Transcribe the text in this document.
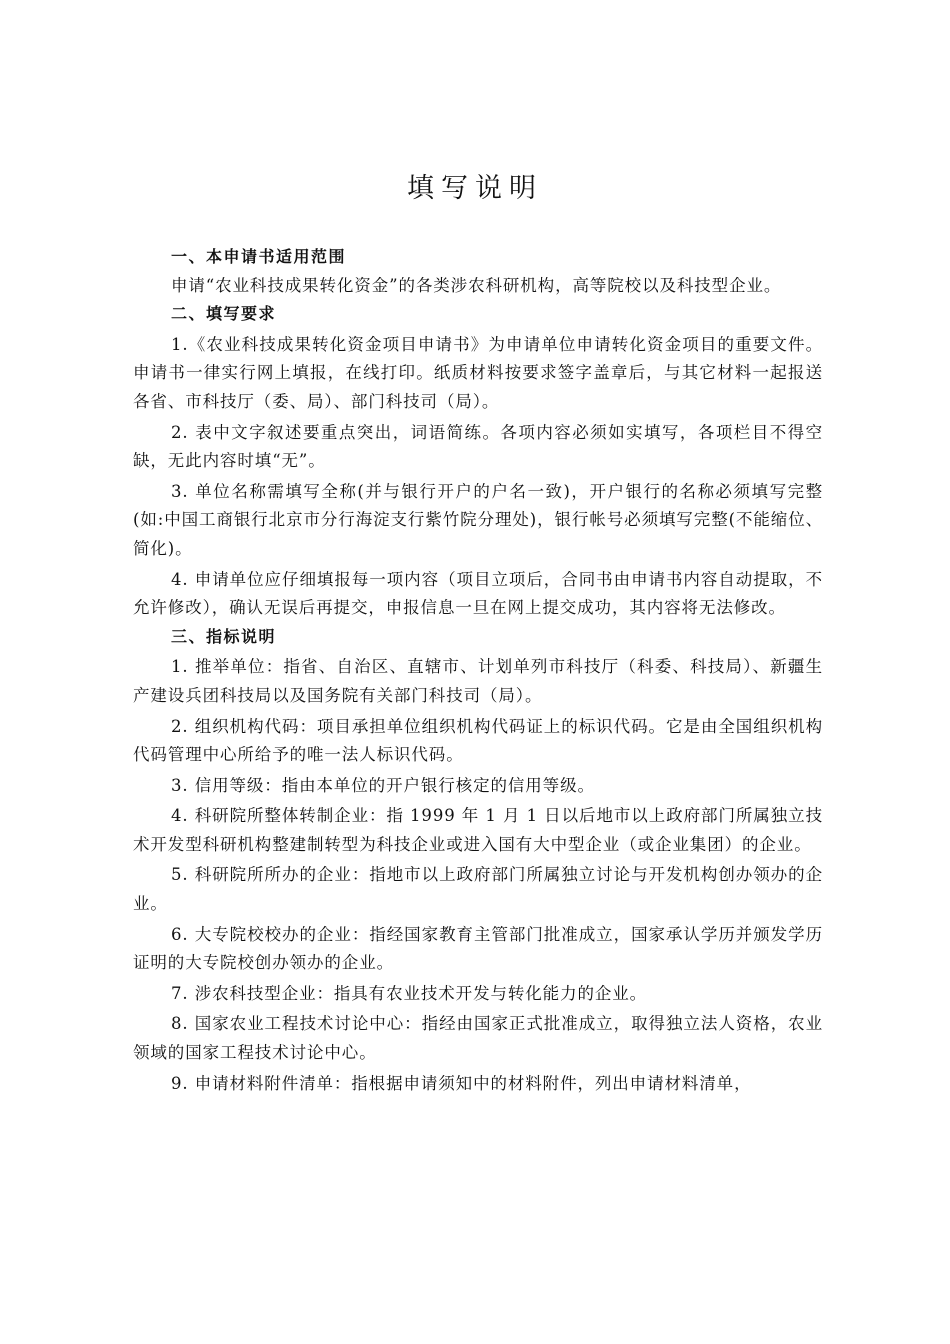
填写说明
一、本申请书适用范围
申请“农业科技成果转化资金”的各类涉农科研机构，高等院校以及科技型企业。
二、填写要求
1.《农业科技成果转化资金项目申请书》为申请单位申请转化资金项目的重要文件。申请书一律实行网上填报，在线打印。纸质材料按要求签字盖章后，与其它材料一起报送各省、市科技厅（委、局）、部门科技司（局）。
2. 表中文字叙述要重点突出，词语简练。各项内容必须如实填写，各项栏目不得空缺，无此内容时填“无”。
3. 单位名称需填写全称(并与银行开户的户名一致)，开户银行的名称必须填写完整(如:中国工商银行北京市分行海淀支行紫竹院分理处)，银行帐号必须填写完整(不能缩位、简化)。
4. 申请单位应仔细填报每一项内容（项目立项后，合同书由申请书内容自动提取，不允许修改），确认无误后再提交，申报信息一旦在网上提交成功，其内容将无法修改。
三、指标说明
1. 推举单位：指省、自治区、直辖市、计划单列市科技厅（科委、科技局）、新疆生产建设兵团科技局以及国务院有关部门科技司（局）。
2. 组织机构代码：项目承担单位组织机构代码证上的标识代码。它是由全国组织机构代码管理中心所给予的唯一法人标识代码。
3. 信用等级：指由本单位的开户银行核定的信用等级。
4. 科研院所整体转制企业：指 1999 年 1 月 1 日以后地市以上政府部门所属独立技术开发型科研机构整建制转型为科技企业或进入国有大中型企业（或企业集团）的企业。
5. 科研院所所办的企业：指地市以上政府部门所属独立讨论与开发机构创办领办的企业。
6. 大专院校校办的企业：指经国家教育主管部门批准成立，国家承认学历并颁发学历证明的大专院校创办领办的企业。
7. 涉农科技型企业：指具有农业技术开发与转化能力的企业。
8. 国家农业工程技术讨论中心：指经由国家正式批准成立，取得独立法人资格，农业领域的国家工程技术讨论中心。
9. 申请材料附件清单：指根据申请须知中的材料附件，列出申请材料清单，
